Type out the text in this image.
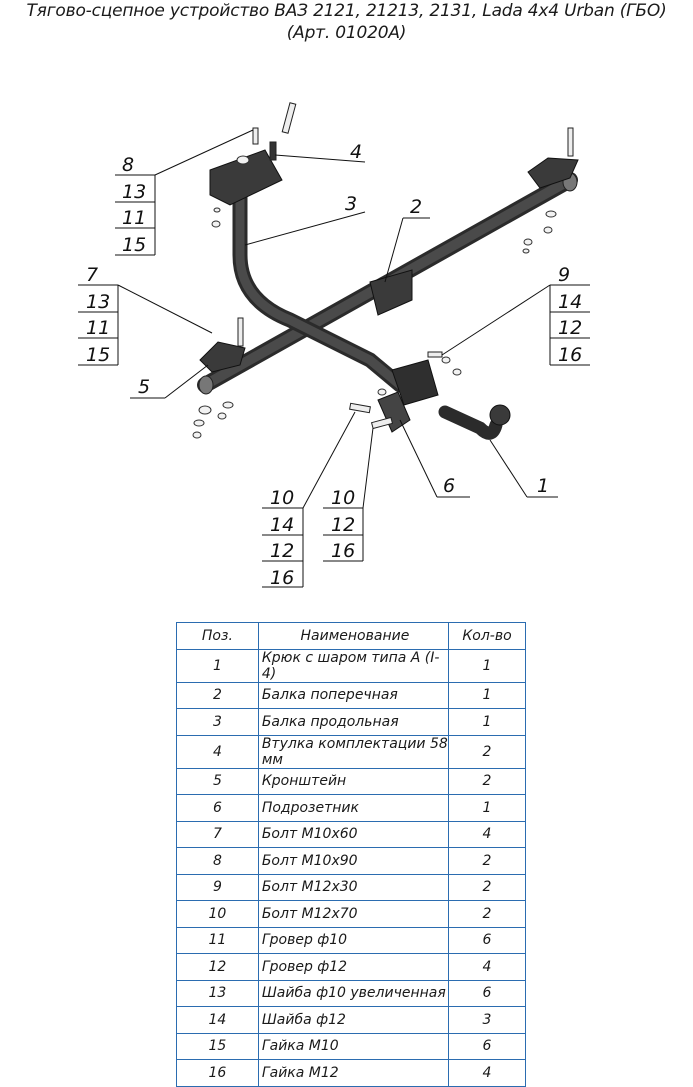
Тягово-сцепное устройство ВАЗ 2121, 21213, 2131, Lada 4x4 Urban (ГБО)
(Арт. 01020А)
8
13
11
15
4
3	2
7
13
11
15
5
9
14
12
16
10
14
12
16
10
12
16
6	1
Поз.	Наименование	Кол-во
1	Крюк с шаром типа А (I-4)	1
2	Балка поперечная	1
3	Балка продольная	1
4	Втулка комплектации 58 мм	2
5	Кронштейн	2
6	Подрозетник	1
7	Болт М10х60	4
8	Болт М10х90	2
9	Болт М12х30	2
10	Болт М12х70	2
11	Гровер ф10	6
12	Гровер ф12	4
13	Шайба ф10 увеличенная	6
14	Шайба ф12	3
15	Гайка М10	6
16	Гайка М12	4
